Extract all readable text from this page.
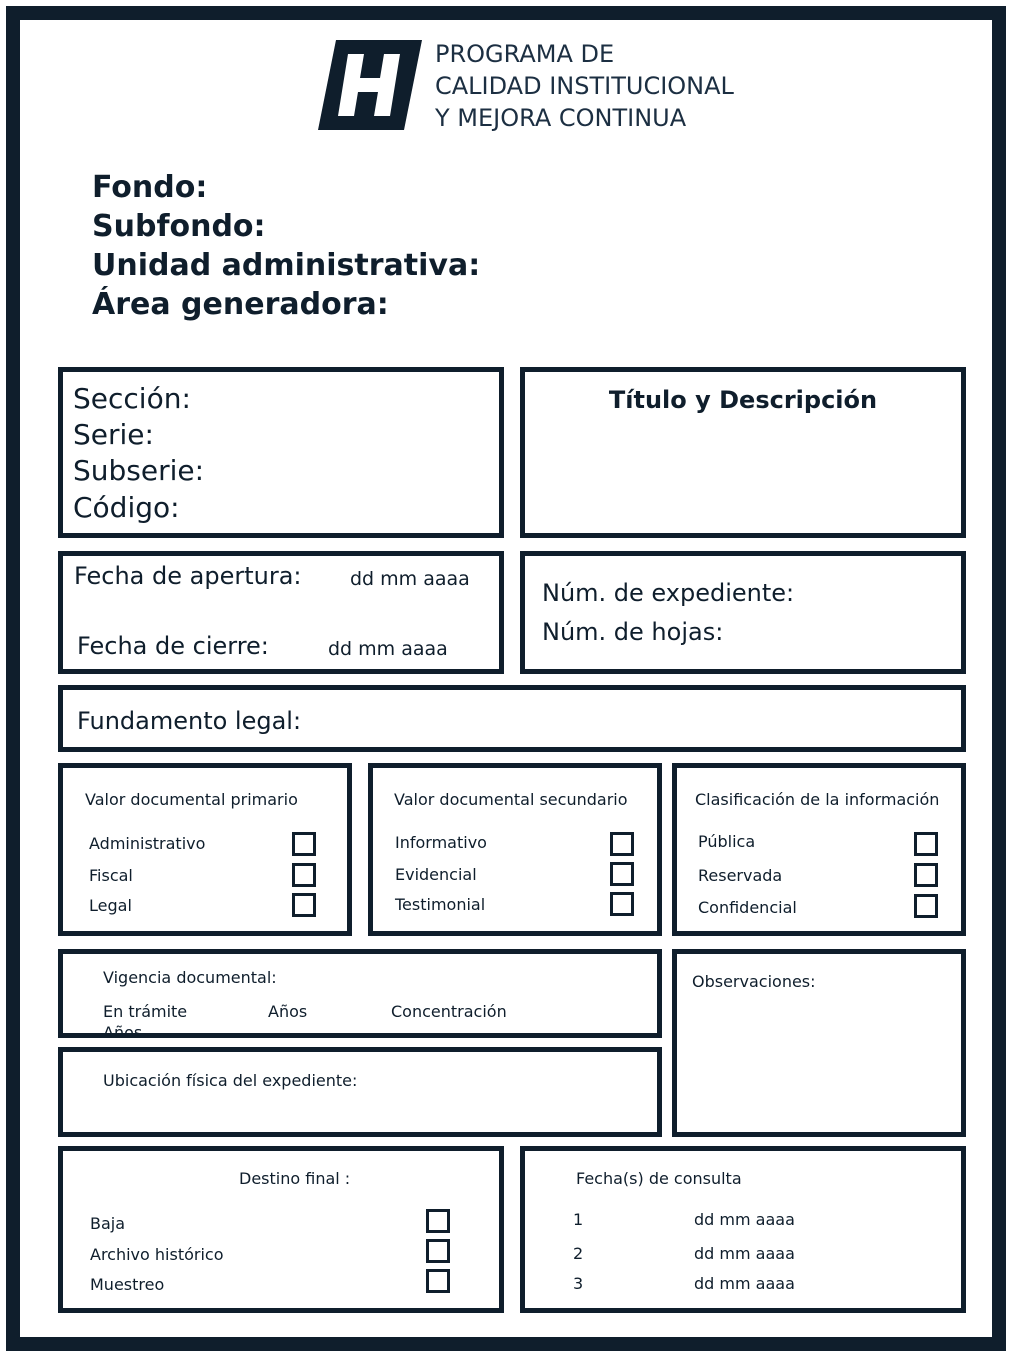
PROGRAMA DE
CALIDAD INSTITUCIONAL
Y MEJORA CONTINUA
Fondo:
Subfondo:
Unidad administrativa:
Área generadora:
Sección:
Serie:
Subserie:
Código:
Título y Descripción
Fecha de apertura:	dd mm aaaa
Fecha de cierre:	dd mm aaaa
Núm. de expediente:
Núm. de hojas:
Fundamento legal:
Valor documental primario
Administrativo
Fiscal
Legal
Valor documental secundario
Informativo
Evidencial
Testimonial
Clasificación de la información
Pública
Reservada
Confidencial
Vigencia documental:
En trámite	Años	Concentración
Años
Observaciones:
Ubicación física del expediente:
Destino final :
Baja
Archivo histórico
Muestreo
Fecha(s) de consulta
1	dd mm aaaa
2	dd mm aaaa
3	dd mm aaaa
